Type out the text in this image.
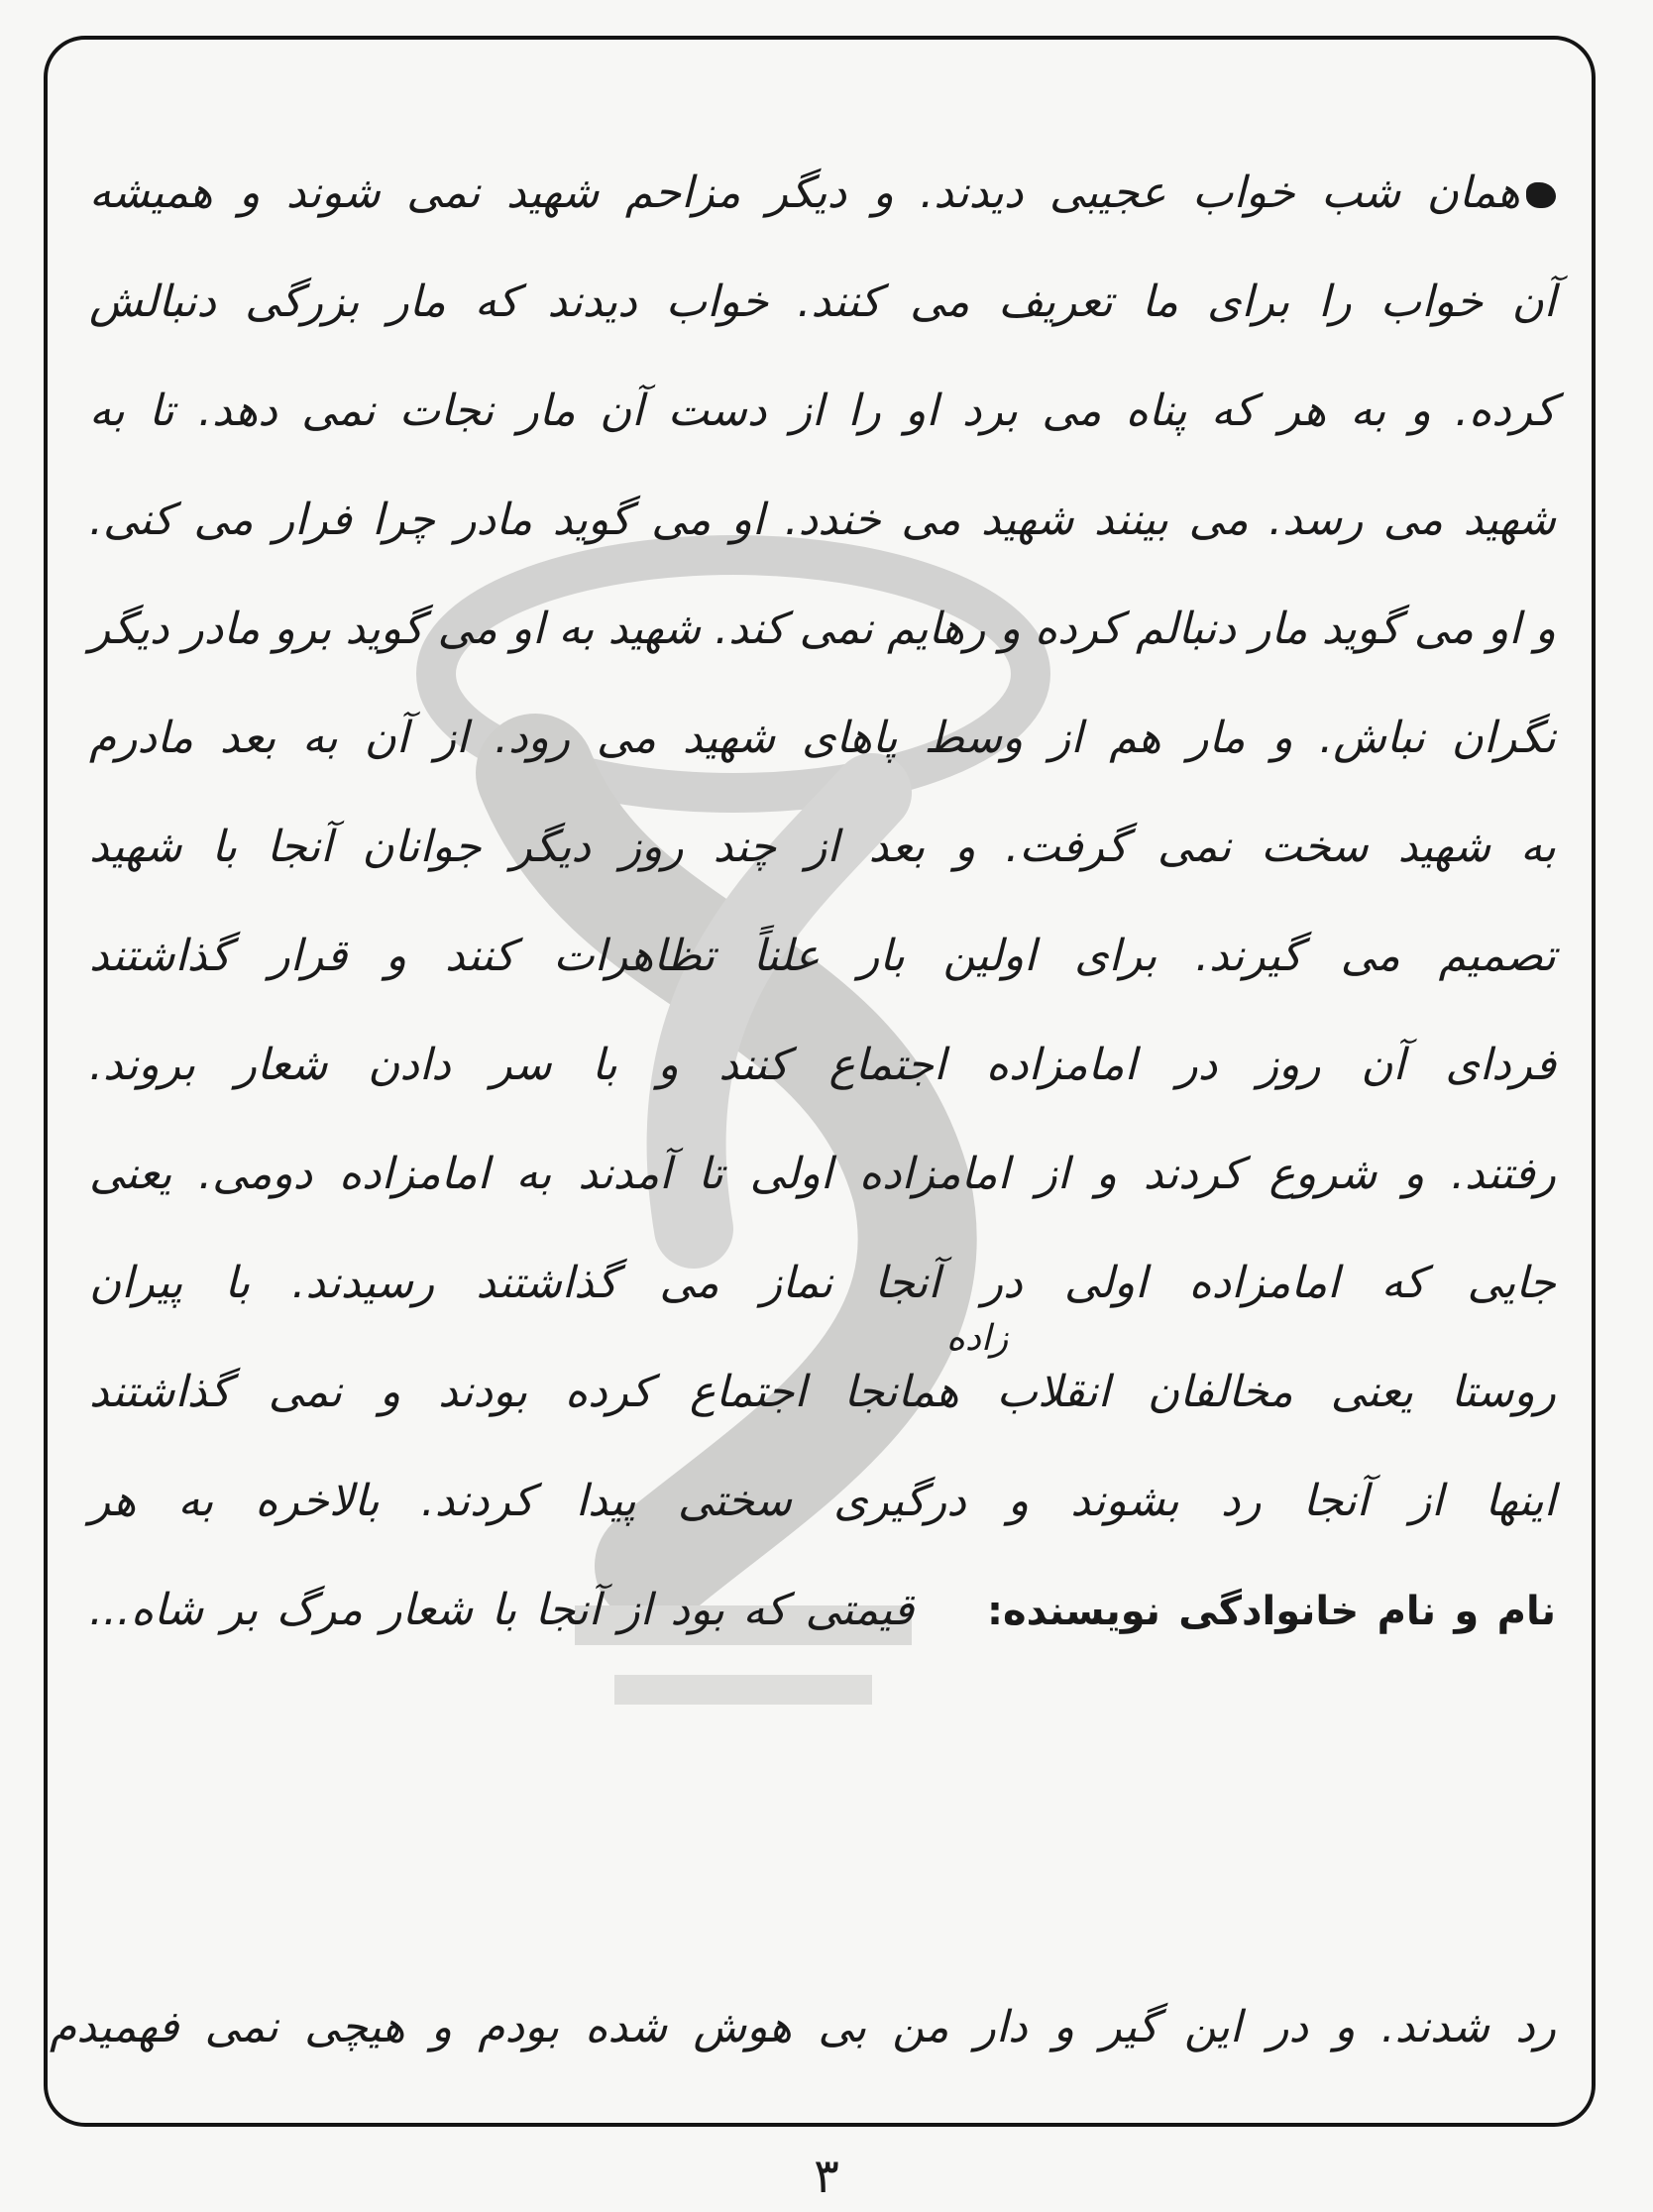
همان شب خواب عجیبی دیدند. و دیگر مزاحم شهید نمی شوند و همیشه
آن خواب را برای ما تعریف می کنند. خواب دیدند که مار بزرگی دنبالش
کرده. و به هر که پناه می برد او را از دست آن مار نجات نمی دهد. تا به
شهید می رسد. می بینند شهید می خندد. او می گوید مادر چرا فرار می کنی.
و او می گوید مار دنبالم کرده و رهایم نمی کند. شهید به او می گوید برو مادر دیگر
نگران نباش. و مار هم از وسط پاهای شهید می رود. از آن به بعد مادرم
به شهید سخت نمی گرفت. و بعد از چند روز دیگر جوانان آنجا با شهید
تصمیم می گیرند. برای اولین بار علناً تظاهرات کنند و قرار گذاشتند
فردای آن روز در امامزاده اجتماع کنند و با سر دادن شعار بروند.
رفتند. و شروع کردند و از امامزاده اولی تا آمدند به امامزاده دومی. یعنی
جایی که امامزاده اولی در آنجا نماز می گذاشتند رسیدند. با پیران
روستا یعنی مخالفان انقلاب همانجا اجتماع کرده بودند و نمی گذاشتند
اینها از آنجا رد بشوند و درگیری سختی پیدا کردند. بالاخره به هر
نام و نام خانوادگی نویسنده:    قیمتی که بود از آنجا با شعار مرگ بر شاه...
زاده
رد شدند. و در این گیر و دار من بی هوش شده بودم و هیچی نمی فهمیدم
۳
